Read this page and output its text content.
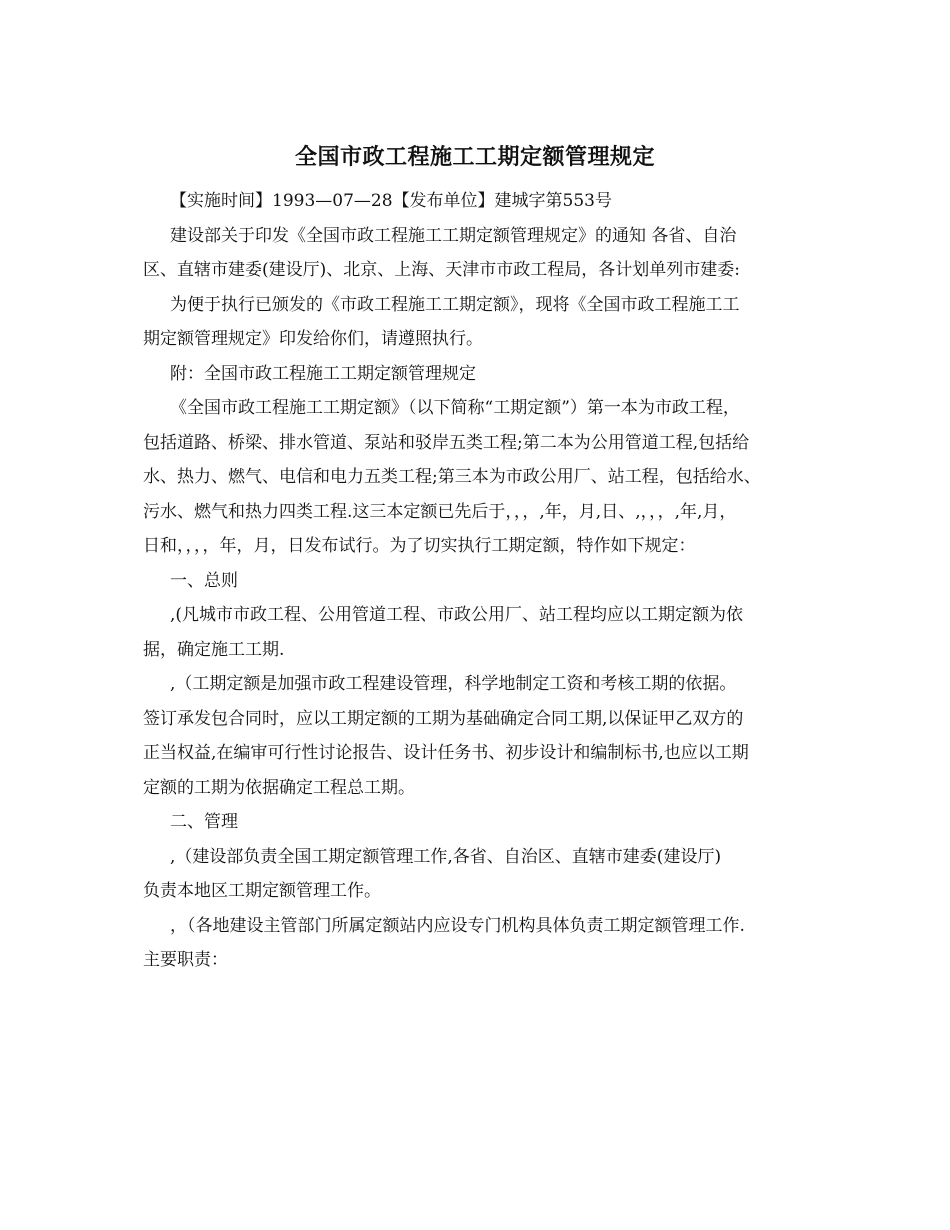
全国市政工程施工工期定额管理规定
【实施时间】1993—07—28【发布单位】建城字第553号
建设部关于印发《全国市政工程施工工期定额管理规定》的通知 各省、自治
区、直辖市建委(建设厅)、北京、上海、天津市市政工程局，各计划单列市建委:
为便于执行已颁发的《市政工程施工工期定额》，现将《全国市政工程施工工
期定额管理规定》印发给你们，请遵照执行。
附：全国市政工程施工工期定额管理规定
《全国市政工程施工工期定额》（以下简称“工期定额”）第一本为市政工程，
包括道路、桥梁、排水管道、泵站和驳岸五类工程;第二本为公用管道工程,包括给
水、热力、燃气、电信和电力五类工程;第三本为市政公用厂、站工程，包括给水、
污水、燃气和热力四类工程.这三本定额已先后于，，，,年，月,日、,，，，,年,月，
日和，，，，年，月，日发布试行。为了切实执行工期定额，特作如下规定：
一、总则
,(凡城市市政工程、公用管道工程、市政公用厂、站工程均应以工期定额为依
据，确定施工工期.
,（工期定额是加强市政工程建设管理，科学地制定工资和考核工期的依据。
签订承发包合同时，应以工期定额的工期为基础确定合同工期,以保证甲乙双方的
正当权益,在编审可行性讨论报告、设计任务书、初步设计和编制标书,也应以工期
定额的工期为依据确定工程总工期。
二、管理
,（建设部负责全国工期定额管理工作,各省、自治区、直辖市建委(建设厅)
负责本地区工期定额管理工作。
，（各地建设主管部门所属定额站内应设专门机构具体负责工期定额管理工作.
主要职责：
